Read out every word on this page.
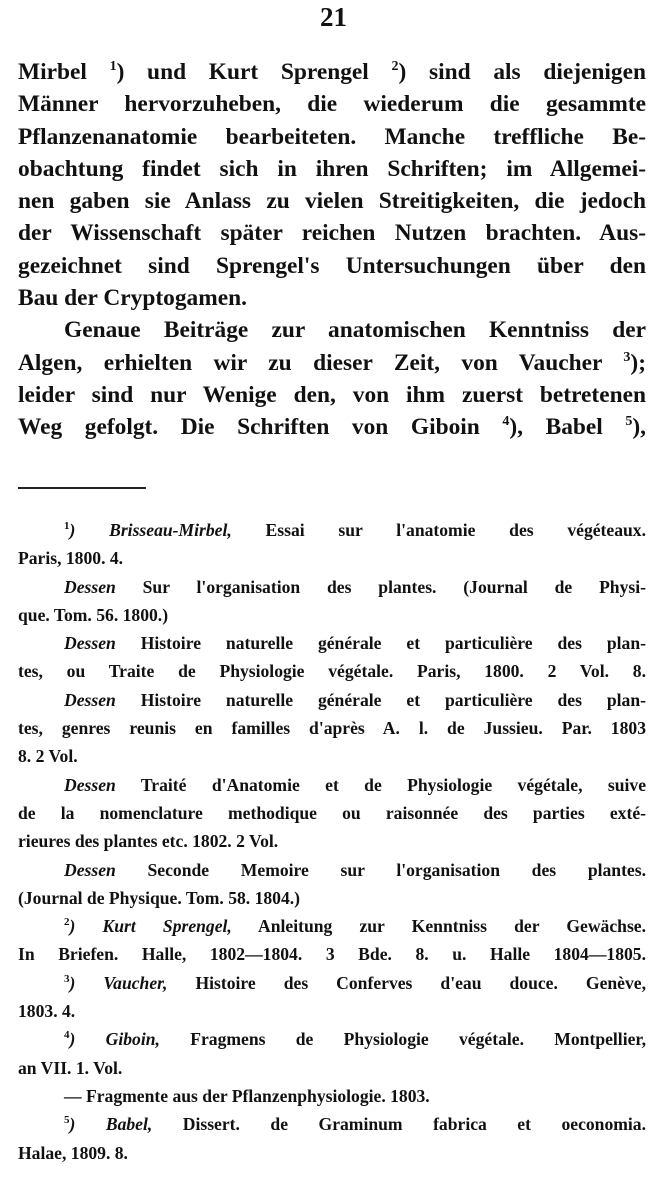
21
Mirbel $^1$) und Kurt Sprengel $^2$) sind als diejenigen
Männer hervorzuheben, die wiederum die gesammte
Pflanzenanatomie bearbeiteten. Manche treffliche Be-
obachtung findet sich in ihren Schriften; im Allgemei-
nen gaben sie Anlass zu vielen Streitigkeiten, die jedoch
der Wissenschaft später reichen Nutzen brachten. Aus-
gezeichnet sind Sprengel's Untersuchungen über den
Bau der Cryptogamen.
Genaue Beiträge zur anatomischen Kenntniss der
Algen, erhielten wir zu dieser Zeit, von Vaucher $^3$);
leider sind nur Wenige den, von ihm zuerst betretenen
Weg gefolgt. Die Schriften von Giboin $^4$), Babel $^5$),
$^1$) Brisseau-Mirbel, Essai sur l'anatomie des végéteaux.
Paris, 1800. 4.
Dessen Sur l'organisation des plantes. (Journal de Physi-
que. Tom. 56. 1800.)
Dessen Histoire naturelle générale et particulière des plan-
tes, ou Traite de Physiologie végétale. Paris, 1800. 2 Vol. 8.
Dessen Histoire naturelle générale et particulière des plan-
tes, genres reunis en familles d'après A. l. de Jussieu. Par. 1803
8. 2 Vol.
Dessen Traité d'Anatomie et de Physiologie végétale, suive
de la nomenclature methodique ou raisonnée des parties exté-
rieures des plantes etc. 1802. 2 Vol.
Dessen Seconde Memoire sur l'organisation des plantes.
(Journal de Physique. Tom. 58. 1804.)
$^2$) Kurt Sprengel, Anleitung zur Kenntniss der Gewächse.
In Briefen. Halle, 1802—1804. 3 Bde. 8. u. Halle 1804—1805.
$^3$) Vaucher, Histoire des Conferves d'eau douce. Genève,
1803. 4.
$^4$) Giboin, Fragmens de Physiologie végétale. Montpellier,
an VII. 1. Vol.
— Fragmente aus der Pflanzenphysiologie. 1803.
$^5$) Babel, Dissert. de Graminum fabrica et oeconomia.
Halae, 1809. 8.
